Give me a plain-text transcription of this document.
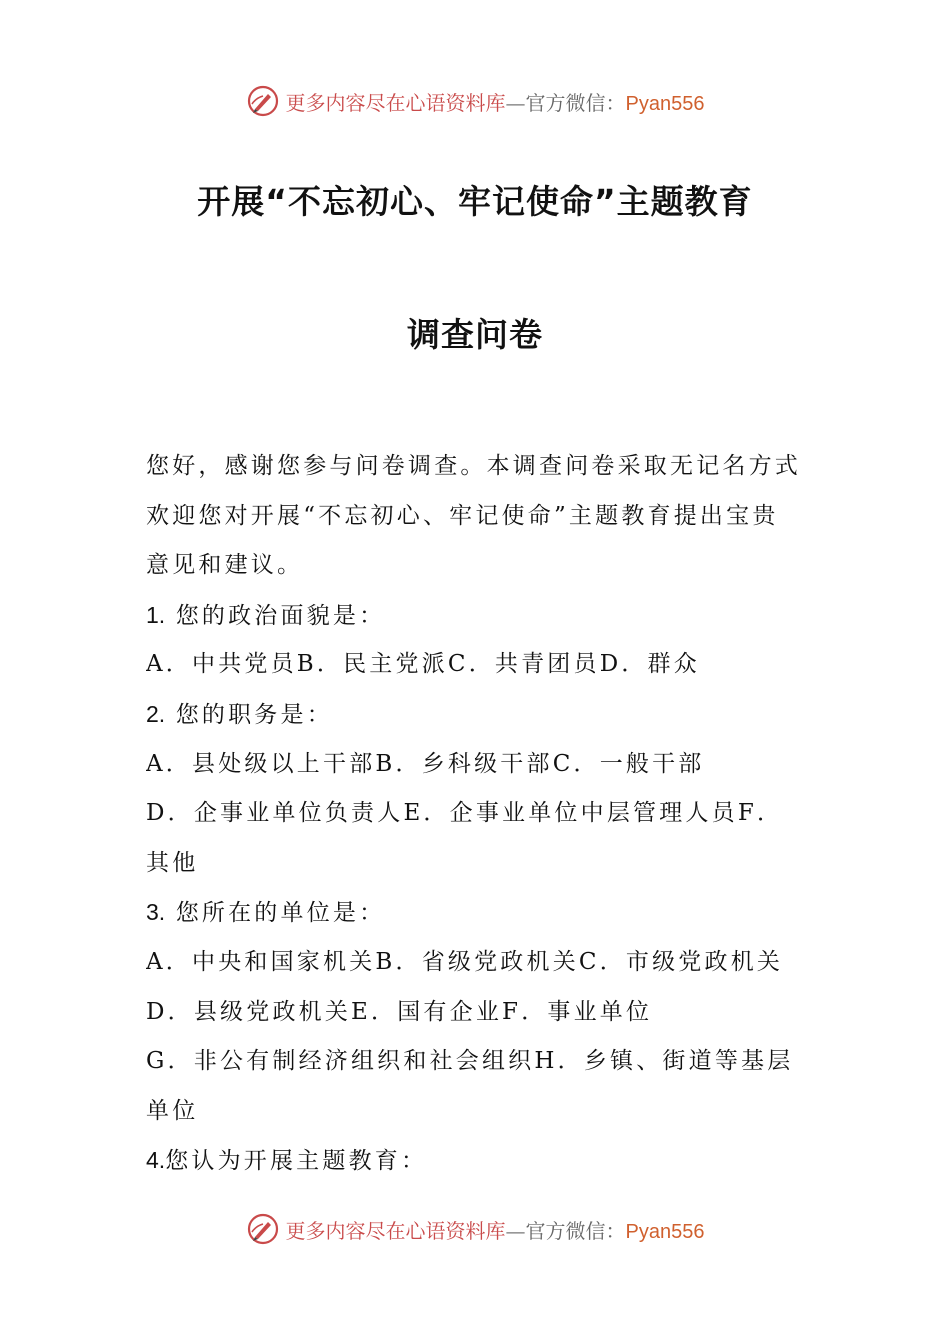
更多内容尽在心语资料库—官方微信：Pyan556
开展“不忘初心、牢记使命”主题教育
调查问卷
您好，感谢您参与问卷调查。本调查问卷采取无记名方式
欢迎您对开展“不忘初心、牢记使命”主题教育提出宝贵
意见和建议。
1. 您的政治面貌是：
A．中共党员B．民主党派C．共青团员D．群众
2. 您的职务是：
A．县处级以上干部B．乡科级干部C．一般干部
D．企事业单位负责人E．企事业单位中层管理人员F．
其他
3. 您所在的单位是：
A．中央和国家机关B．省级党政机关C．市级党政机关
D．县级党政机关E．国有企业F．事业单位
G．非公有制经济组织和社会组织H．乡镇、街道等基层
单位
4.您认为开展主题教育：
更多内容尽在心语资料库—官方微信：Pyan556
